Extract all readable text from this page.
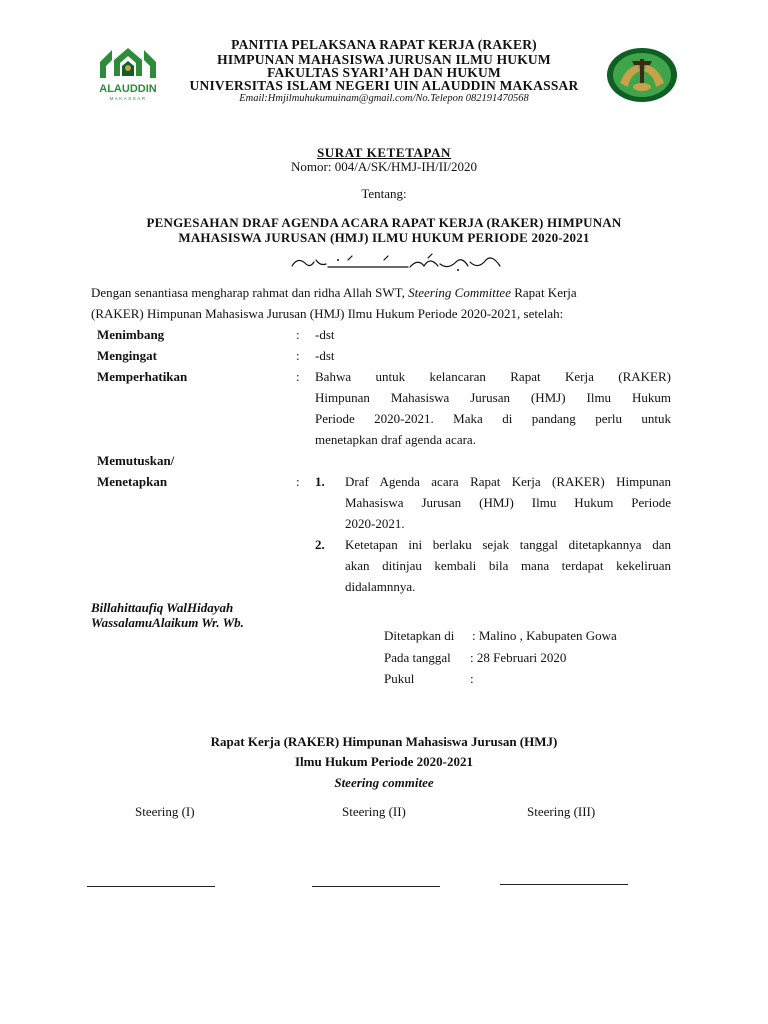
ALAUDDIN
MAKASSAR
PANITIA PELAKSANA RAPAT KERJA (RAKER)
HIMPUNAN MAHASISWA JURUSAN ILMU HUKUM
FAKULTAS SYARI’AH DAN HUKUM
UNIVERSITAS ISLAM NEGERI UIN ALAUDDIN MAKASSAR
Email:Hmjilmuhukumuinam@gmail.com/No.Telepon 082191470568
SURAT KETETAPAN
Nomor: 004/A/SK/HMJ-IH/II/2020
Tentang:
PENGESAHAN DRAF AGENDA ACARA RAPAT KERJA (RAKER) HIMPUNAN
MAHASISWA JURUSAN (HMJ) ILMU HUKUM PERIODE 2020-2021
Dengan senantiasa mengharap rahmat dan ridha Allah SWT, Steering Committee Rapat Kerja
(RAKER) Himpunan Mahasiswa Jurusan (HMJ) Ilmu Hukum Periode 2020-2021, setelah:
Menimbang	: -dst
Mengingat	: -dst
Memperhatikan	: Bahwa untuk kelancaran Rapat Kerja (RAKER)
Himpunan Mahasiswa Jurusan (HMJ) Ilmu Hukum
Periode 2020-2021. Maka di pandang perlu untuk
menetapkan draf agenda acara.
Memutuskan/
Menetapkan	: 1. Draf Agenda acara Rapat Kerja (RAKER) Himpunan
Mahasiswa Jurusan (HMJ) Ilmu Hukum Periode
2020-2021.
2. Ketetapan ini berlaku sejak tanggal ditetapkannya dan
akan ditinjau kembali bila mana terdapat kekeliruan
didalamnnya.
Billahittaufiq WalHidayah
WassalamuAlaikum Wr. Wb.
Ditetapkan di : Malino , Kabupaten Gowa
Pada tanggal : 28 Februari 2020
Pukul	:
Rapat Kerja (RAKER) Himpunan Mahasiswa Jurusan (HMJ)
Ilmu Hukum Periode 2020-2021
Steering commitee
Steering (I)	Steering (II)	Steering (III)
